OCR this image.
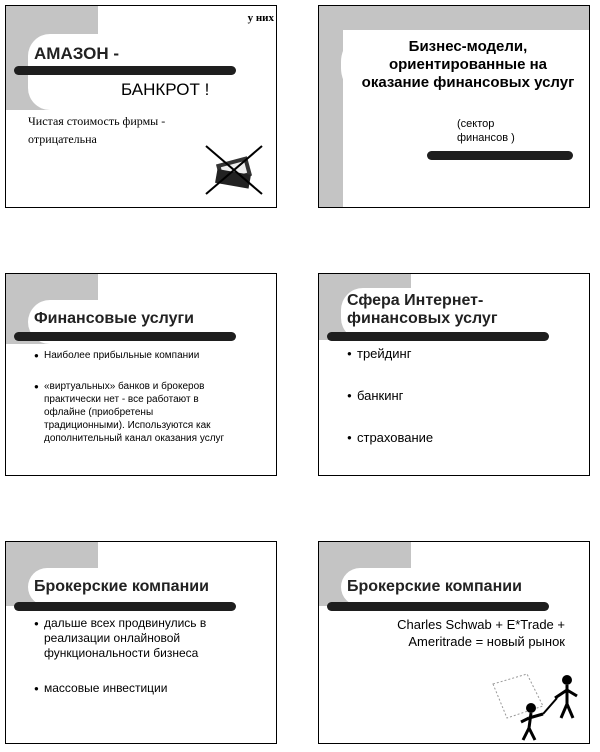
у них
АМАЗОН -
БАНКРОТ !
Чистая стоимость фирмы -
отрицательна
Бизнес-модели,
ориентированные на
оказание финансовых услуг
(сектор
финансов )
Финансовые услуги
● Наиболее прибыльные компании
● «виртуальных» банков и брокеров
практически нет - все работают в
офлайне (приобретены
традиционными). Используются как
дополнительный канал оказания услуг
Сфера Интернет-
финансовых услуг
● трейдинг
● банкинг
● страхование
Брокерские компании
● дальше всех продвинулись в
реализации онлайновой
функциональности бизнеса
● массовые инвестиции
Брокерские компании
Charles Schwab + E*Trade +
Ameritrade = новый рынок
